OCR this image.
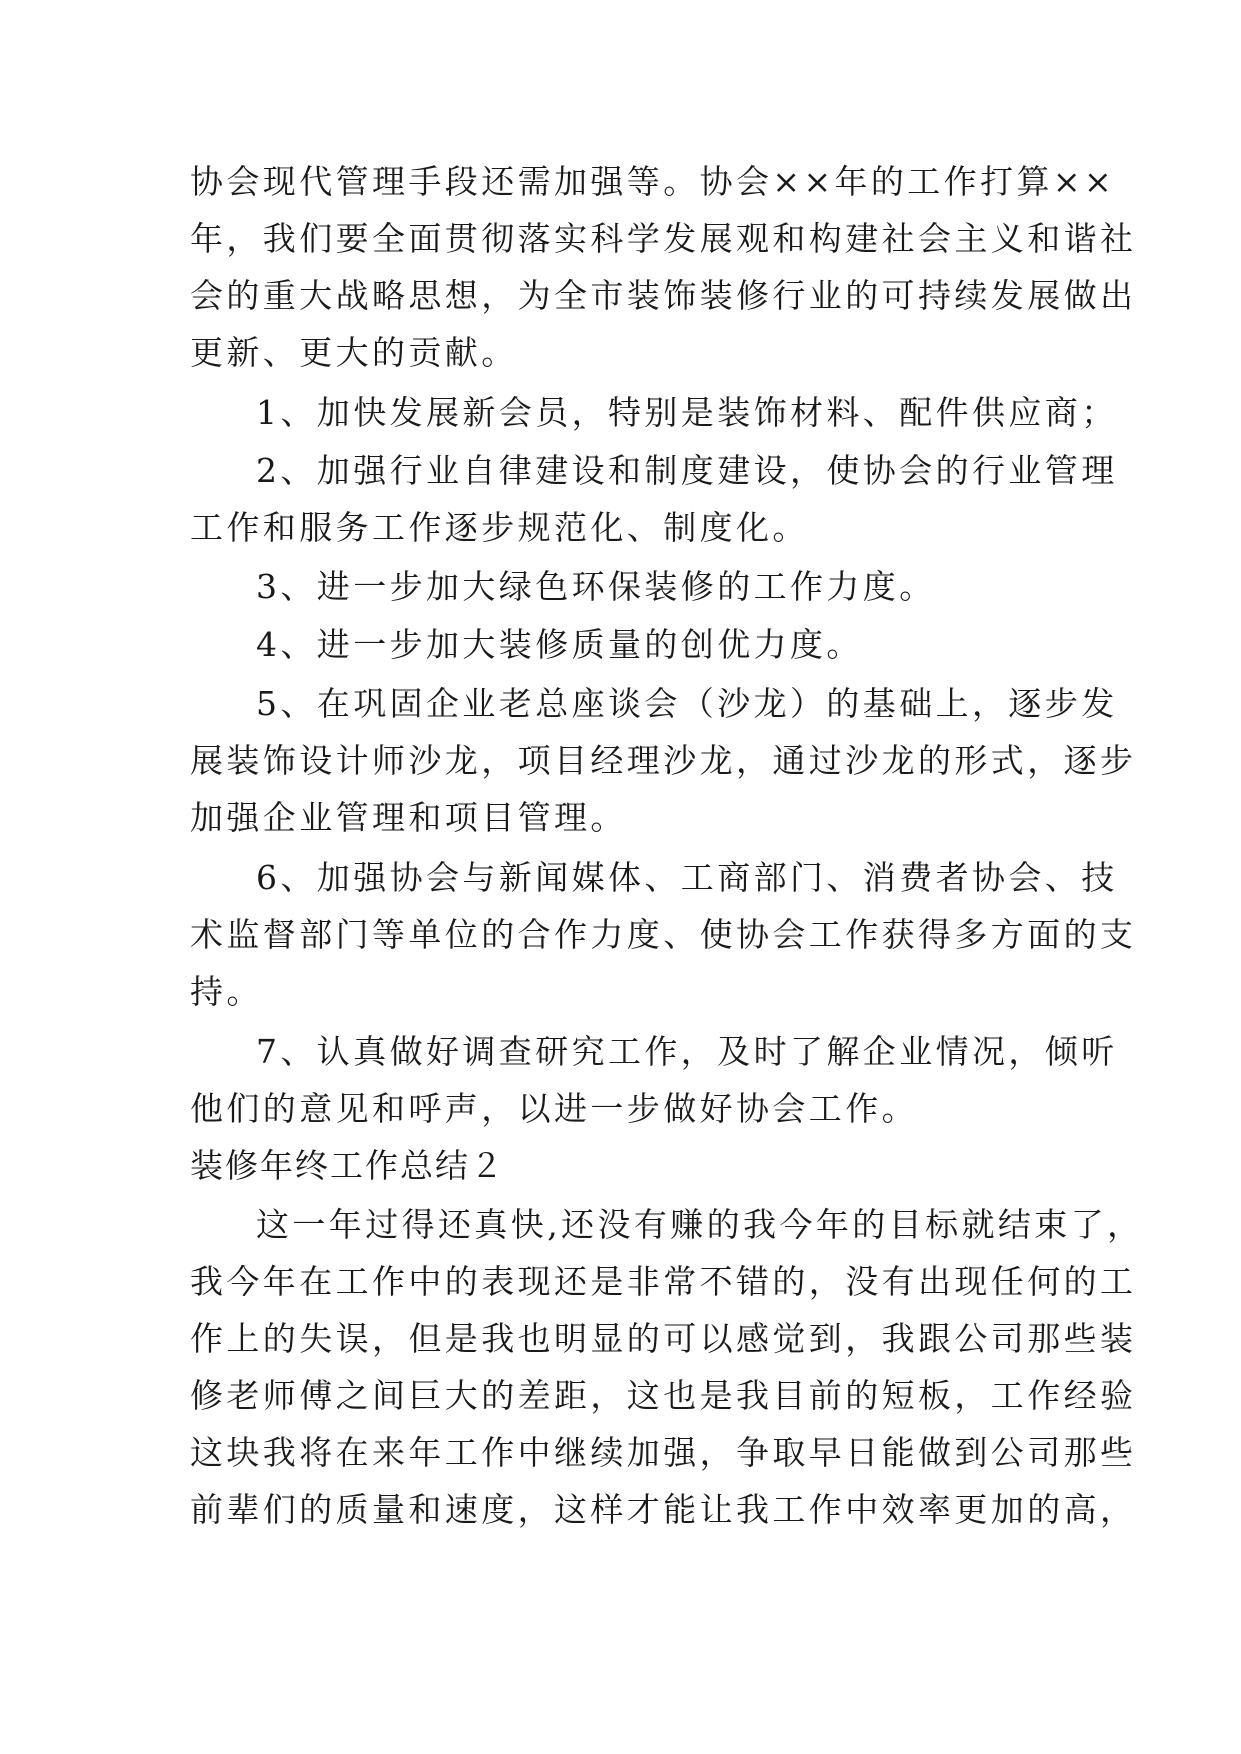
协会现代管理手段还需加强等。协会××年的工作打算××
年，我们要全面贯彻落实科学发展观和构建社会主义和谐社
会的重大战略思想，为全市装饰装修行业的可持续发展做出
更新、更大的贡献。
1、加快发展新会员，特别是装饰材料、配件供应商；
2、加强行业自律建设和制度建设，使协会的行业管理
工作和服务工作逐步规范化、制度化。
3、进一步加大绿色环保装修的工作力度。
4、进一步加大装修质量的创优力度。
5、在巩固企业老总座谈会（沙龙）的基础上，逐步发
展装饰设计师沙龙，项目经理沙龙，通过沙龙的形式，逐步
加强企业管理和项目管理。
6、加强协会与新闻媒体、工商部门、消费者协会、技
术监督部门等单位的合作力度、使协会工作获得多方面的支
持。
7、认真做好调查研究工作，及时了解企业情况，倾听
他们的意见和呼声，以进一步做好协会工作。
装修年终工作总结２
这一年过得还真快,还没有赚的我今年的目标就结束了，
我今年在工作中的表现还是非常不错的，没有出现任何的工
作上的失误，但是我也明显的可以感觉到，我跟公司那些装
修老师傅之间巨大的差距，这也是我目前的短板，工作经验
这块我将在来年工作中继续加强，争取早日能做到公司那些
前辈们的质量和速度，这样才能让我工作中效率更加的高，
